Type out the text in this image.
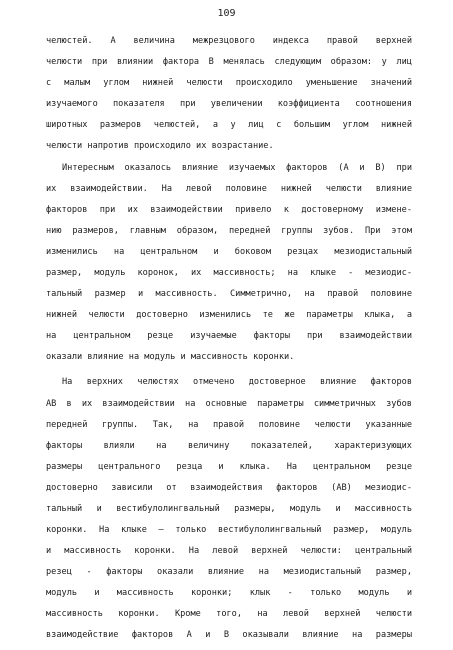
109
челюстей. А величина межрезцового индекса правой верхней
челюсти при влиянии фактора В менялась следующим образом: у лиц
с малым углом нижней челюсти происходило уменьшение значений
изучаемого показателя при увеличении коэффициента соотношения
широтных размеров челюстей, а у лиц с большим углом нижней
челюсти напротив происходило их возрастание.
Интересным оказалось влияние изучаемых факторов (А и В) при
их взаимодействии. На левой половине нижней челюсти влияние
факторов при их взаимодействии привело к достоверному измене-
нию размеров, главным образом, передней группы зубов. При этом
изменились на центральном и боковом резцах мезиодистальный
размер, модуль коронок, их массивность; на клыке - мезиодис-
тальный размер и массивность. Симметрично, на правой половине
нижней челюсти достоверно изменились те же параметры клыка, а
на центральном резце изучаемые факторы при взаимодействии
оказали влияние на модуль и массивность коронки.
На верхних челюстях отмечено достоверное влияние факторов
АВ в их взаимодействии на основные параметры симметричных зубов
передней группы. Так, на правой половине челюсти указанные
факторы влияли на величину показателей, характеризующих
размеры центрального резца и клыка. На центральном резце
достоверно зависили от взаимодействия факторов (АВ) мезиодис-
тальный и вестибулолингвальный размеры, модуль и массивность
коронки. На клыке – только вестибулолингвальный размер, модуль
и массивность коронки. На левой верхней челюсти: центральный
резец - факторы оказали влияние на мезиодистальный размер,
модуль и массивность коронки; клык - только модуль и
массивность коронки. Кроме того, на левой верхней челюсти
взаимодействие факторов А и В оказывали влияние на размеры
